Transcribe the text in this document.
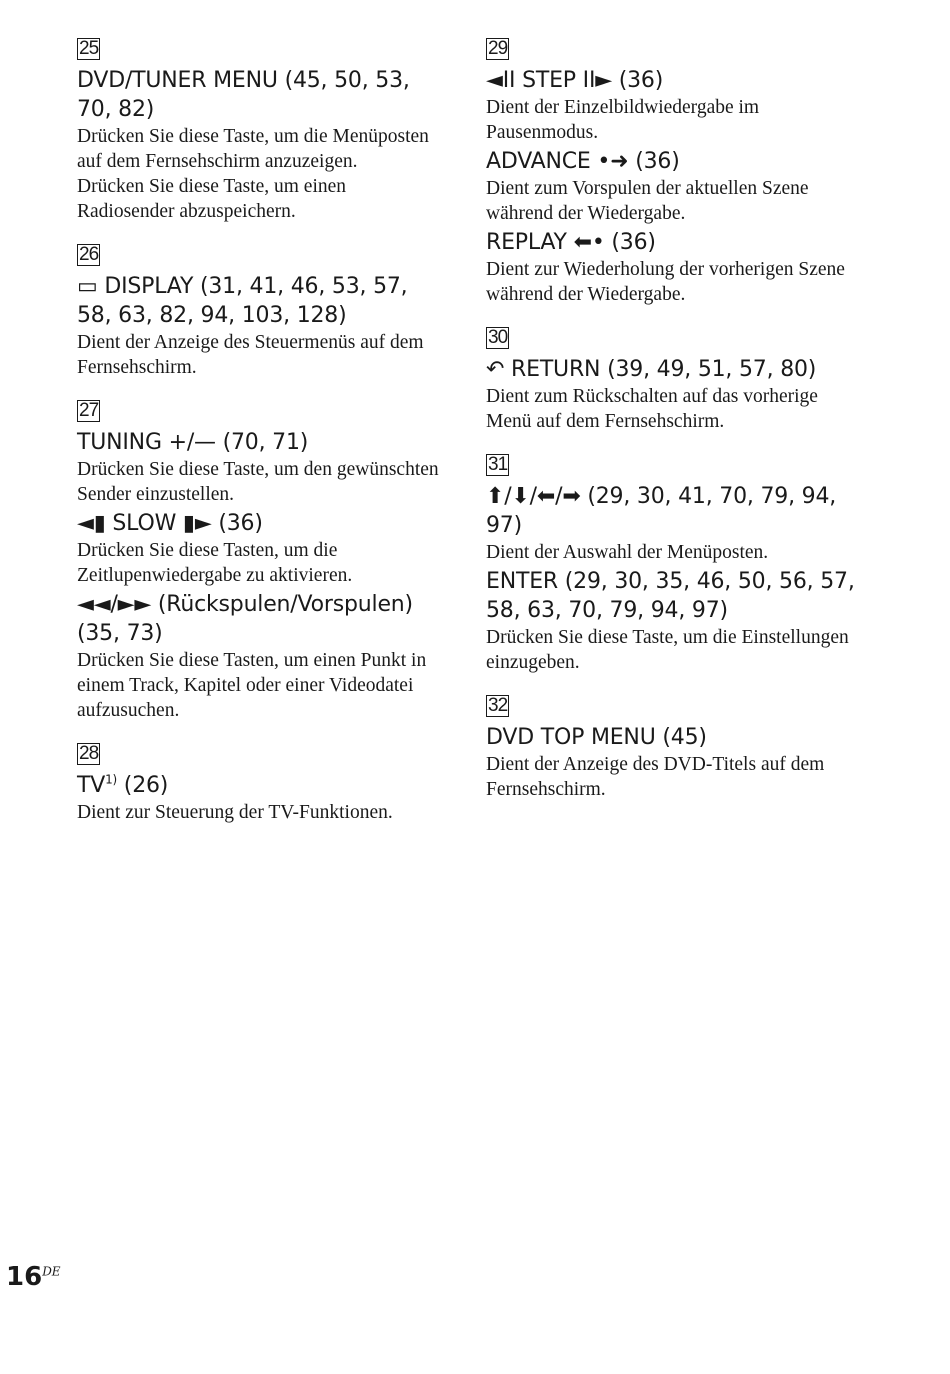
25
DVD/TUNER MENU (45, 50, 53, 70, 82)
Drücken Sie diese Taste, um die Menüposten auf dem Fernsehschirm anzuzeigen.
Drücken Sie diese Taste, um einen Radiosender abzuspeichern.
26
▭ DISPLAY (31, 41, 46, 53, 57, 58, 63, 82, 94, 103, 128)
Dient der Anzeige des Steuermenüs auf dem Fernsehschirm.
27
TUNING +/— (70, 71)
Drücken Sie diese Taste, um den gewünschten Sender einzustellen.
◄▮ SLOW ▮► (36)
Drücken Sie diese Tasten, um die Zeitlupenwiedergabe zu aktivieren.
◄◄/►► (Rückspulen/Vorspulen) (35, 73)
Drücken Sie diese Tasten, um einen Punkt in einem Track, Kapitel oder einer Videodatei aufzusuchen.
28
TV$^{1)}$ (26)
Dient zur Steuerung der TV-Funktionen.
29
◄II STEP II► (36)
Dient der Einzelbildwiedergabe im Pausenmodus.
ADVANCE •➜ (36)
Dient zum Vorspulen der aktuellen Szene während der Wiedergabe.
REPLAY ⬅• (36)
Dient zur Wiederholung der vorherigen Szene während der Wiedergabe.
30
↶ RETURN (39, 49, 51, 57, 80)
Dient zum Rückschalten auf das vorherige Menü auf dem Fernsehschirm.
31
⬆/⬇/⬅/➡ (29, 30, 41, 70, 79, 94, 97)
Dient der Auswahl der Menüposten.
ENTER (29, 30, 35, 46, 50, 56, 57, 58, 63, 70, 79, 94, 97)
Drücken Sie diese Taste, um die Einstellungen einzugeben.
32
DVD TOP MENU (45)
Dient der Anzeige des DVD-Titels auf dem Fernsehschirm.
16DE
